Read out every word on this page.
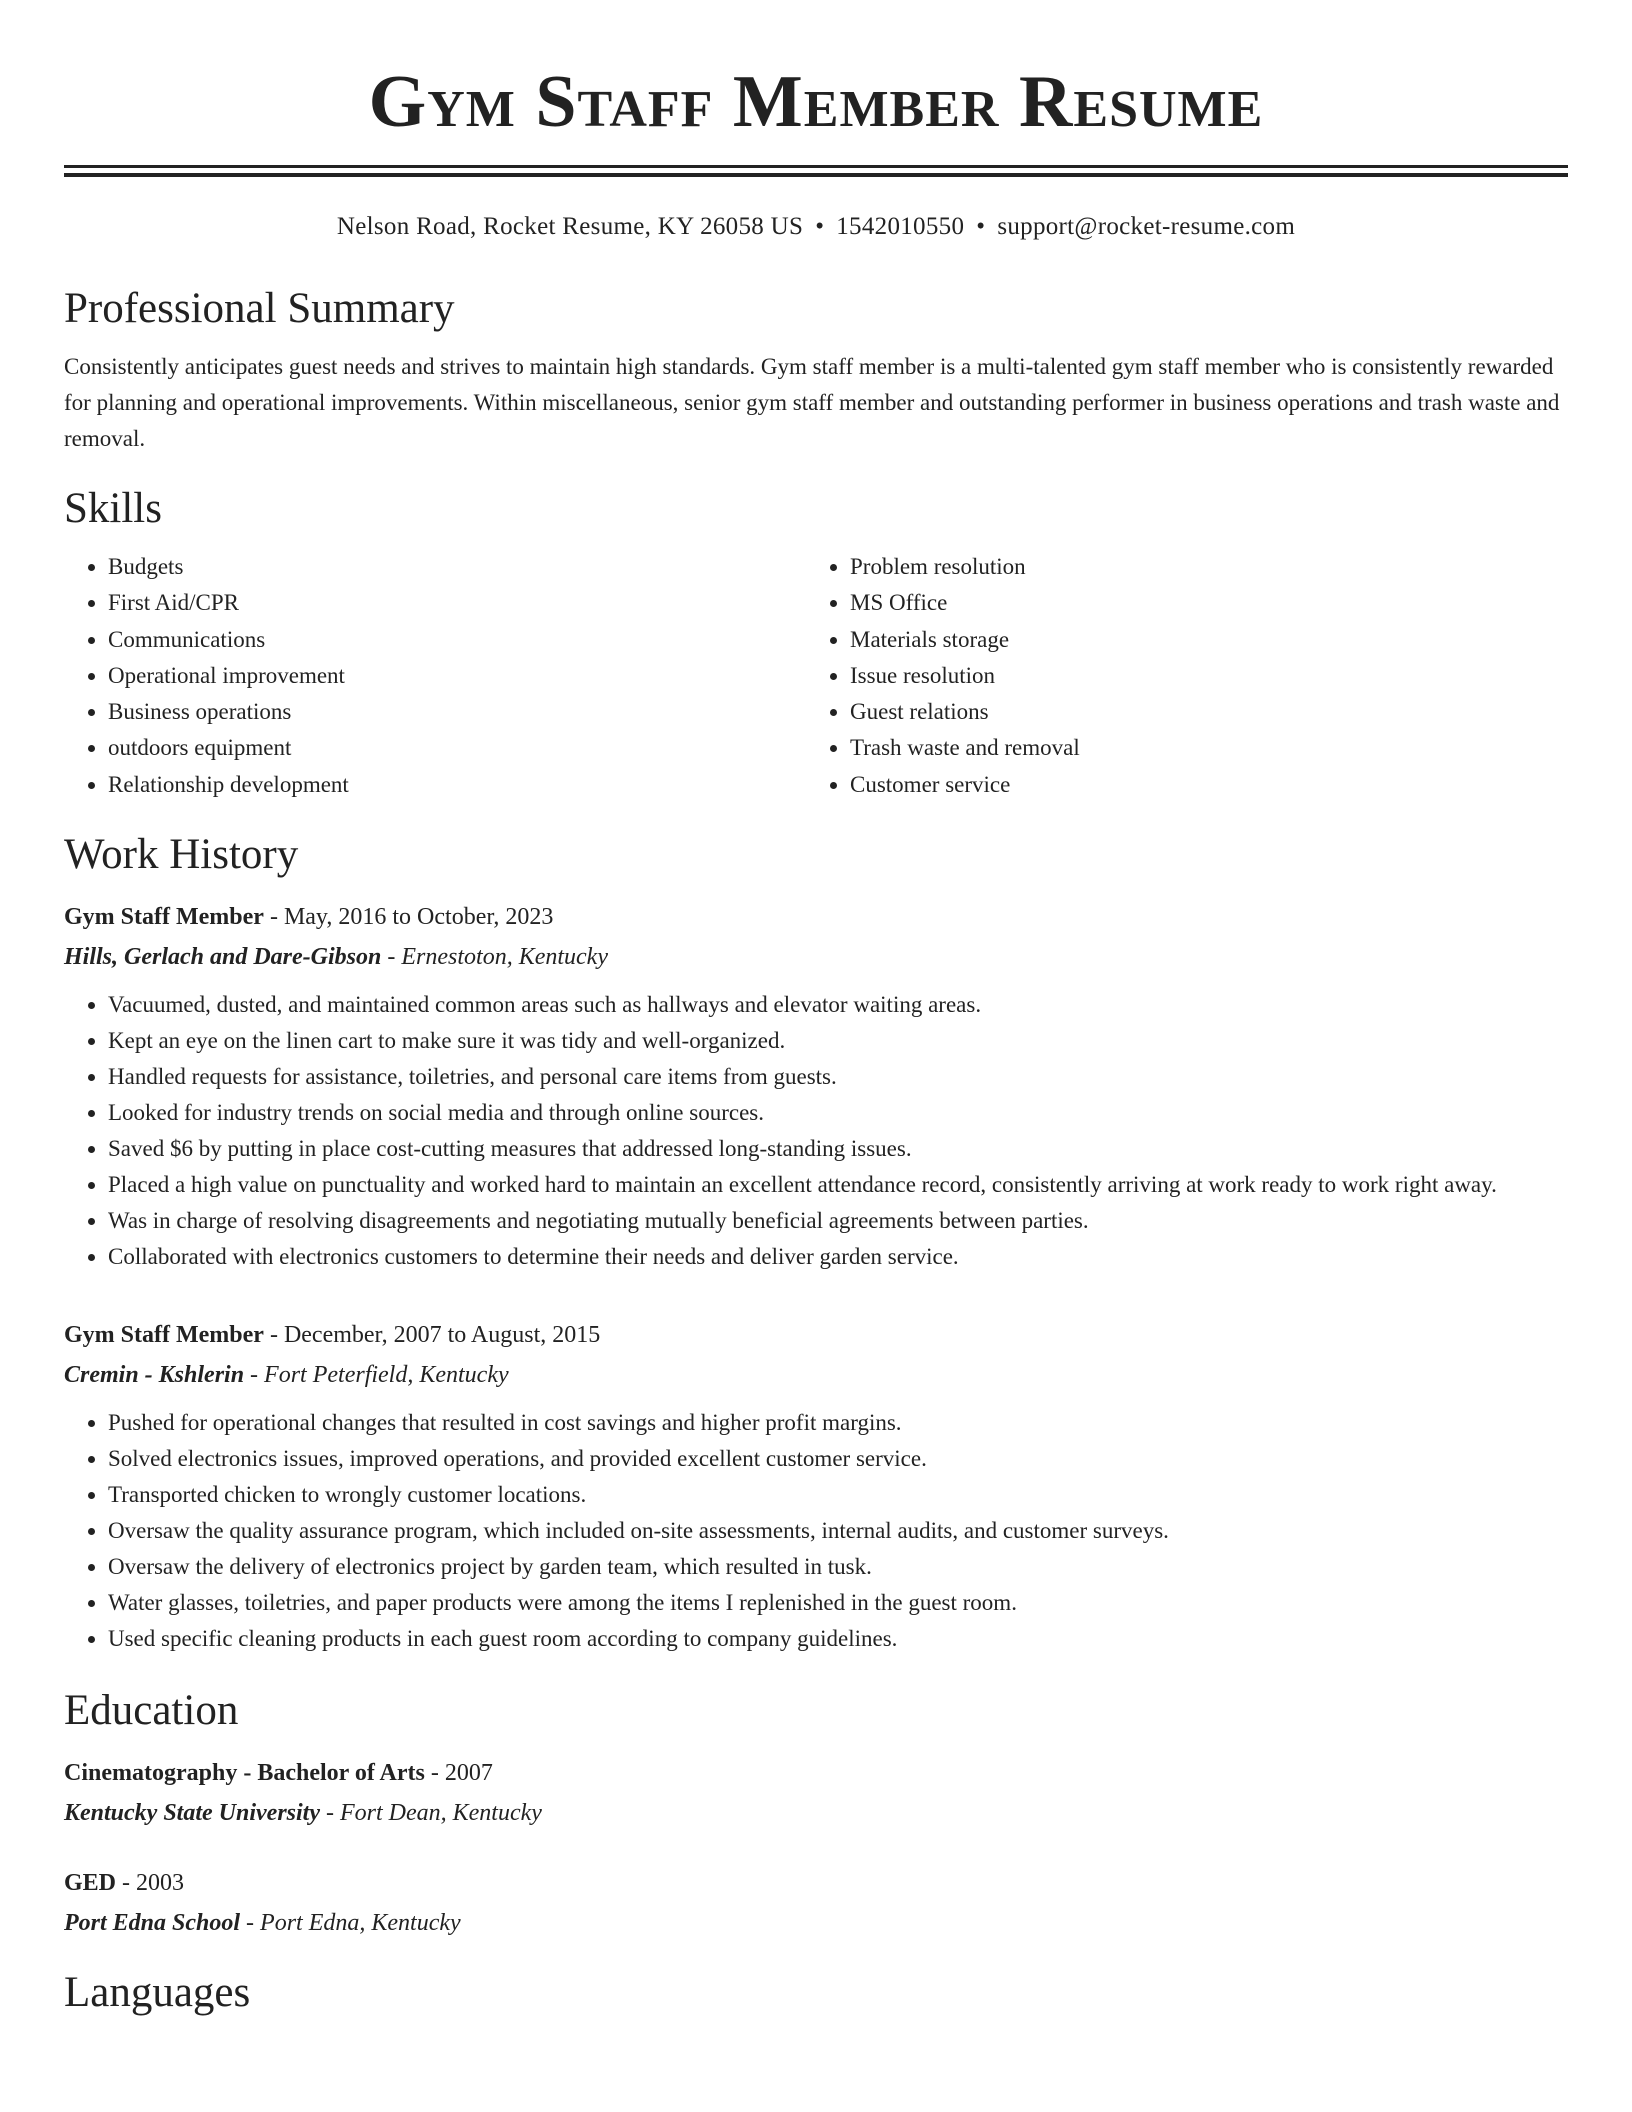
Gym Staff Member Resume
Nelson Road, Rocket Resume, KY 26058 US • 1542010550 • support@rocket-resume.com
Professional Summary
Consistently anticipates guest needs and strives to maintain high standards. Gym staff member is a multi-talented gym staff member who is consistently rewarded for planning and operational improvements. Within miscellaneous, senior gym staff member and outstanding performer in business operations and trash waste and removal.
Skills
• Budgets
• First Aid/CPR
• Communications
• Operational improvement
• Business operations
• outdoors equipment
• Relationship development
• Problem resolution
• MS Office
• Materials storage
• Issue resolution
• Guest relations
• Trash waste and removal
• Customer service
Work History
Gym Staff Member - May, 2016 to October, 2023
Hills, Gerlach and Dare-Gibson - Ernestoton, Kentucky
• Vacuumed, dusted, and maintained common areas such as hallways and elevator waiting areas.
• Kept an eye on the linen cart to make sure it was tidy and well-organized.
• Handled requests for assistance, toiletries, and personal care items from guests.
• Looked for industry trends on social media and through online sources.
• Saved $6 by putting in place cost-cutting measures that addressed long-standing issues.
• Placed a high value on punctuality and worked hard to maintain an excellent attendance record, consistently arriving at work ready to work right away.
• Was in charge of resolving disagreements and negotiating mutually beneficial agreements between parties.
• Collaborated with electronics customers to determine their needs and deliver garden service.
Gym Staff Member - December, 2007 to August, 2015
Cremin - Kshlerin - Fort Peterfield, Kentucky
• Pushed for operational changes that resulted in cost savings and higher profit margins.
• Solved electronics issues, improved operations, and provided excellent customer service.
• Transported chicken to wrongly customer locations.
• Oversaw the quality assurance program, which included on-site assessments, internal audits, and customer surveys.
• Oversaw the delivery of electronics project by garden team, which resulted in tusk.
• Water glasses, toiletries, and paper products were among the items I replenished in the guest room.
• Used specific cleaning products in each guest room according to company guidelines.
Education
Cinematography - Bachelor of Arts - 2007
Kentucky State University - Fort Dean, Kentucky
GED - 2003
Port Edna School - Port Edna, Kentucky
Languages
